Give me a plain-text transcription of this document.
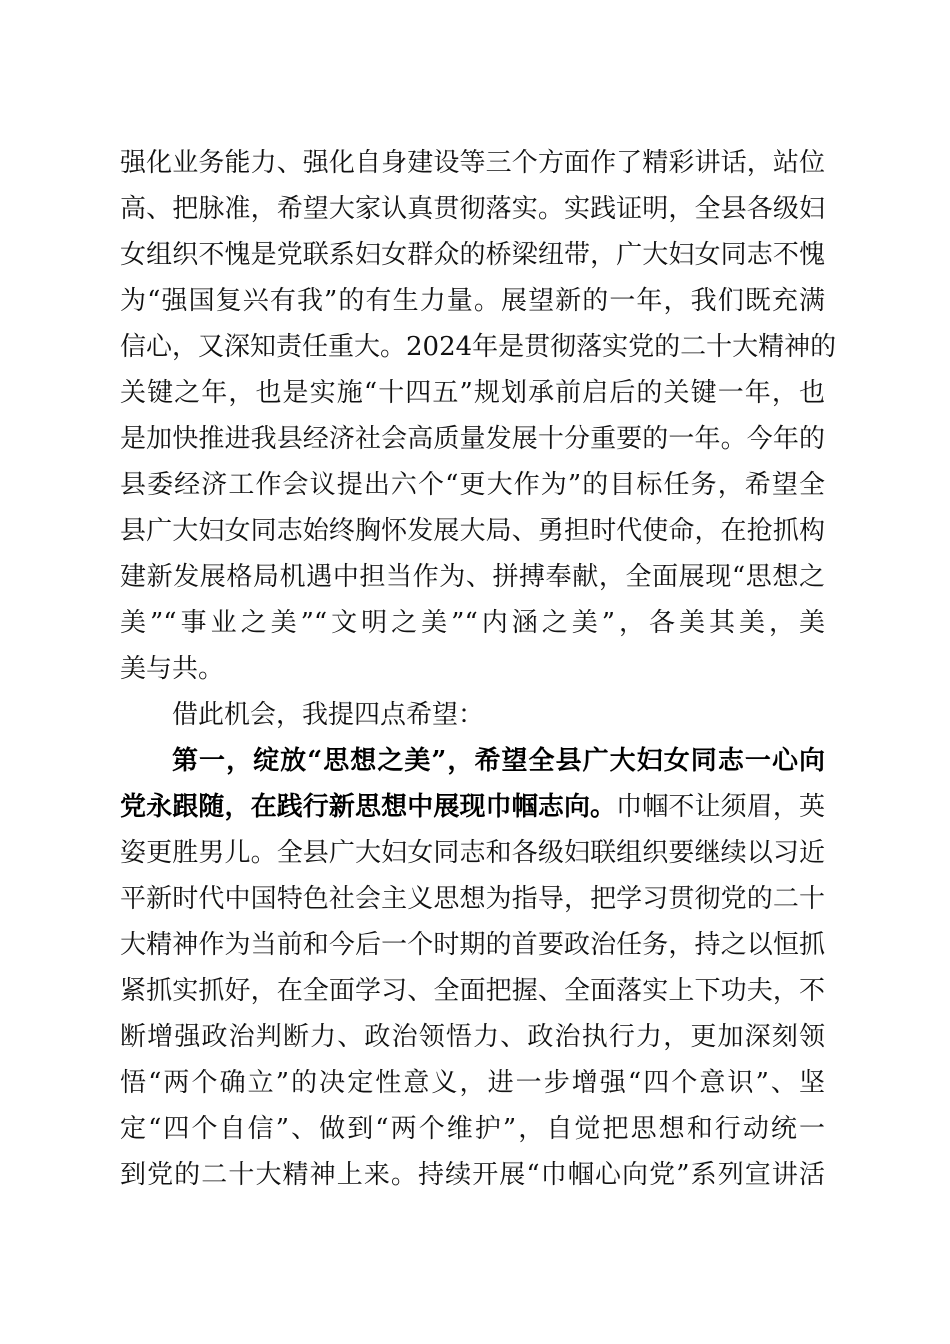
强化业务能力、强化自身建设等三个方面作了精彩讲话，站位

高、把脉准，希望大家认真贯彻落实。实践证明，全县各级妇

女组织不愧是党联系妇女群众的桥梁纽带，广大妇女同志不愧

为“强国复兴有我”的有生力量。展望新的一年，我们既充满

信心，又深知责任重大。2024年是贯彻落实党的二十大精神的

关键之年，也是实施“十四五”规划承前启后的关键一年，也

是加快推进我县经济社会高质量发展十分重要的一年。今年的

县委经济工作会议提出六个“更大作为”的目标任务，希望全

县广大妇女同志始终胸怀发展大局、勇担时代使命，在抢抓构

建新发展格局机遇中担当作为、拼搏奉献，全面展现“思想之

美”“事业之美”“文明之美”“内涵之美”，各美其美，美

美与共。

借此机会，我提四点希望：

第一，绽放“思想之美”，希望全县广大妇女同志一心向

党永跟随，在践行新思想中展现巾帼志向。巾帼不让须眉，英

姿更胜男儿。全县广大妇女同志和各级妇联组织要继续以习近

平新时代中国特色社会主义思想为指导，把学习贯彻党的二十

大精神作为当前和今后一个时期的首要政治任务，持之以恒抓

紧抓实抓好，在全面学习、全面把握、全面落实上下功夫，不

断增强政治判断力、政治领悟力、政治执行力，更加深刻领

悟“两个确立”的决定性意义，进一步增强“四个意识”、坚

定“四个自信”、做到“两个维护”，自觉把思想和行动统一

到党的二十大精神上来。持续开展“巾帼心向党”系列宣讲活
